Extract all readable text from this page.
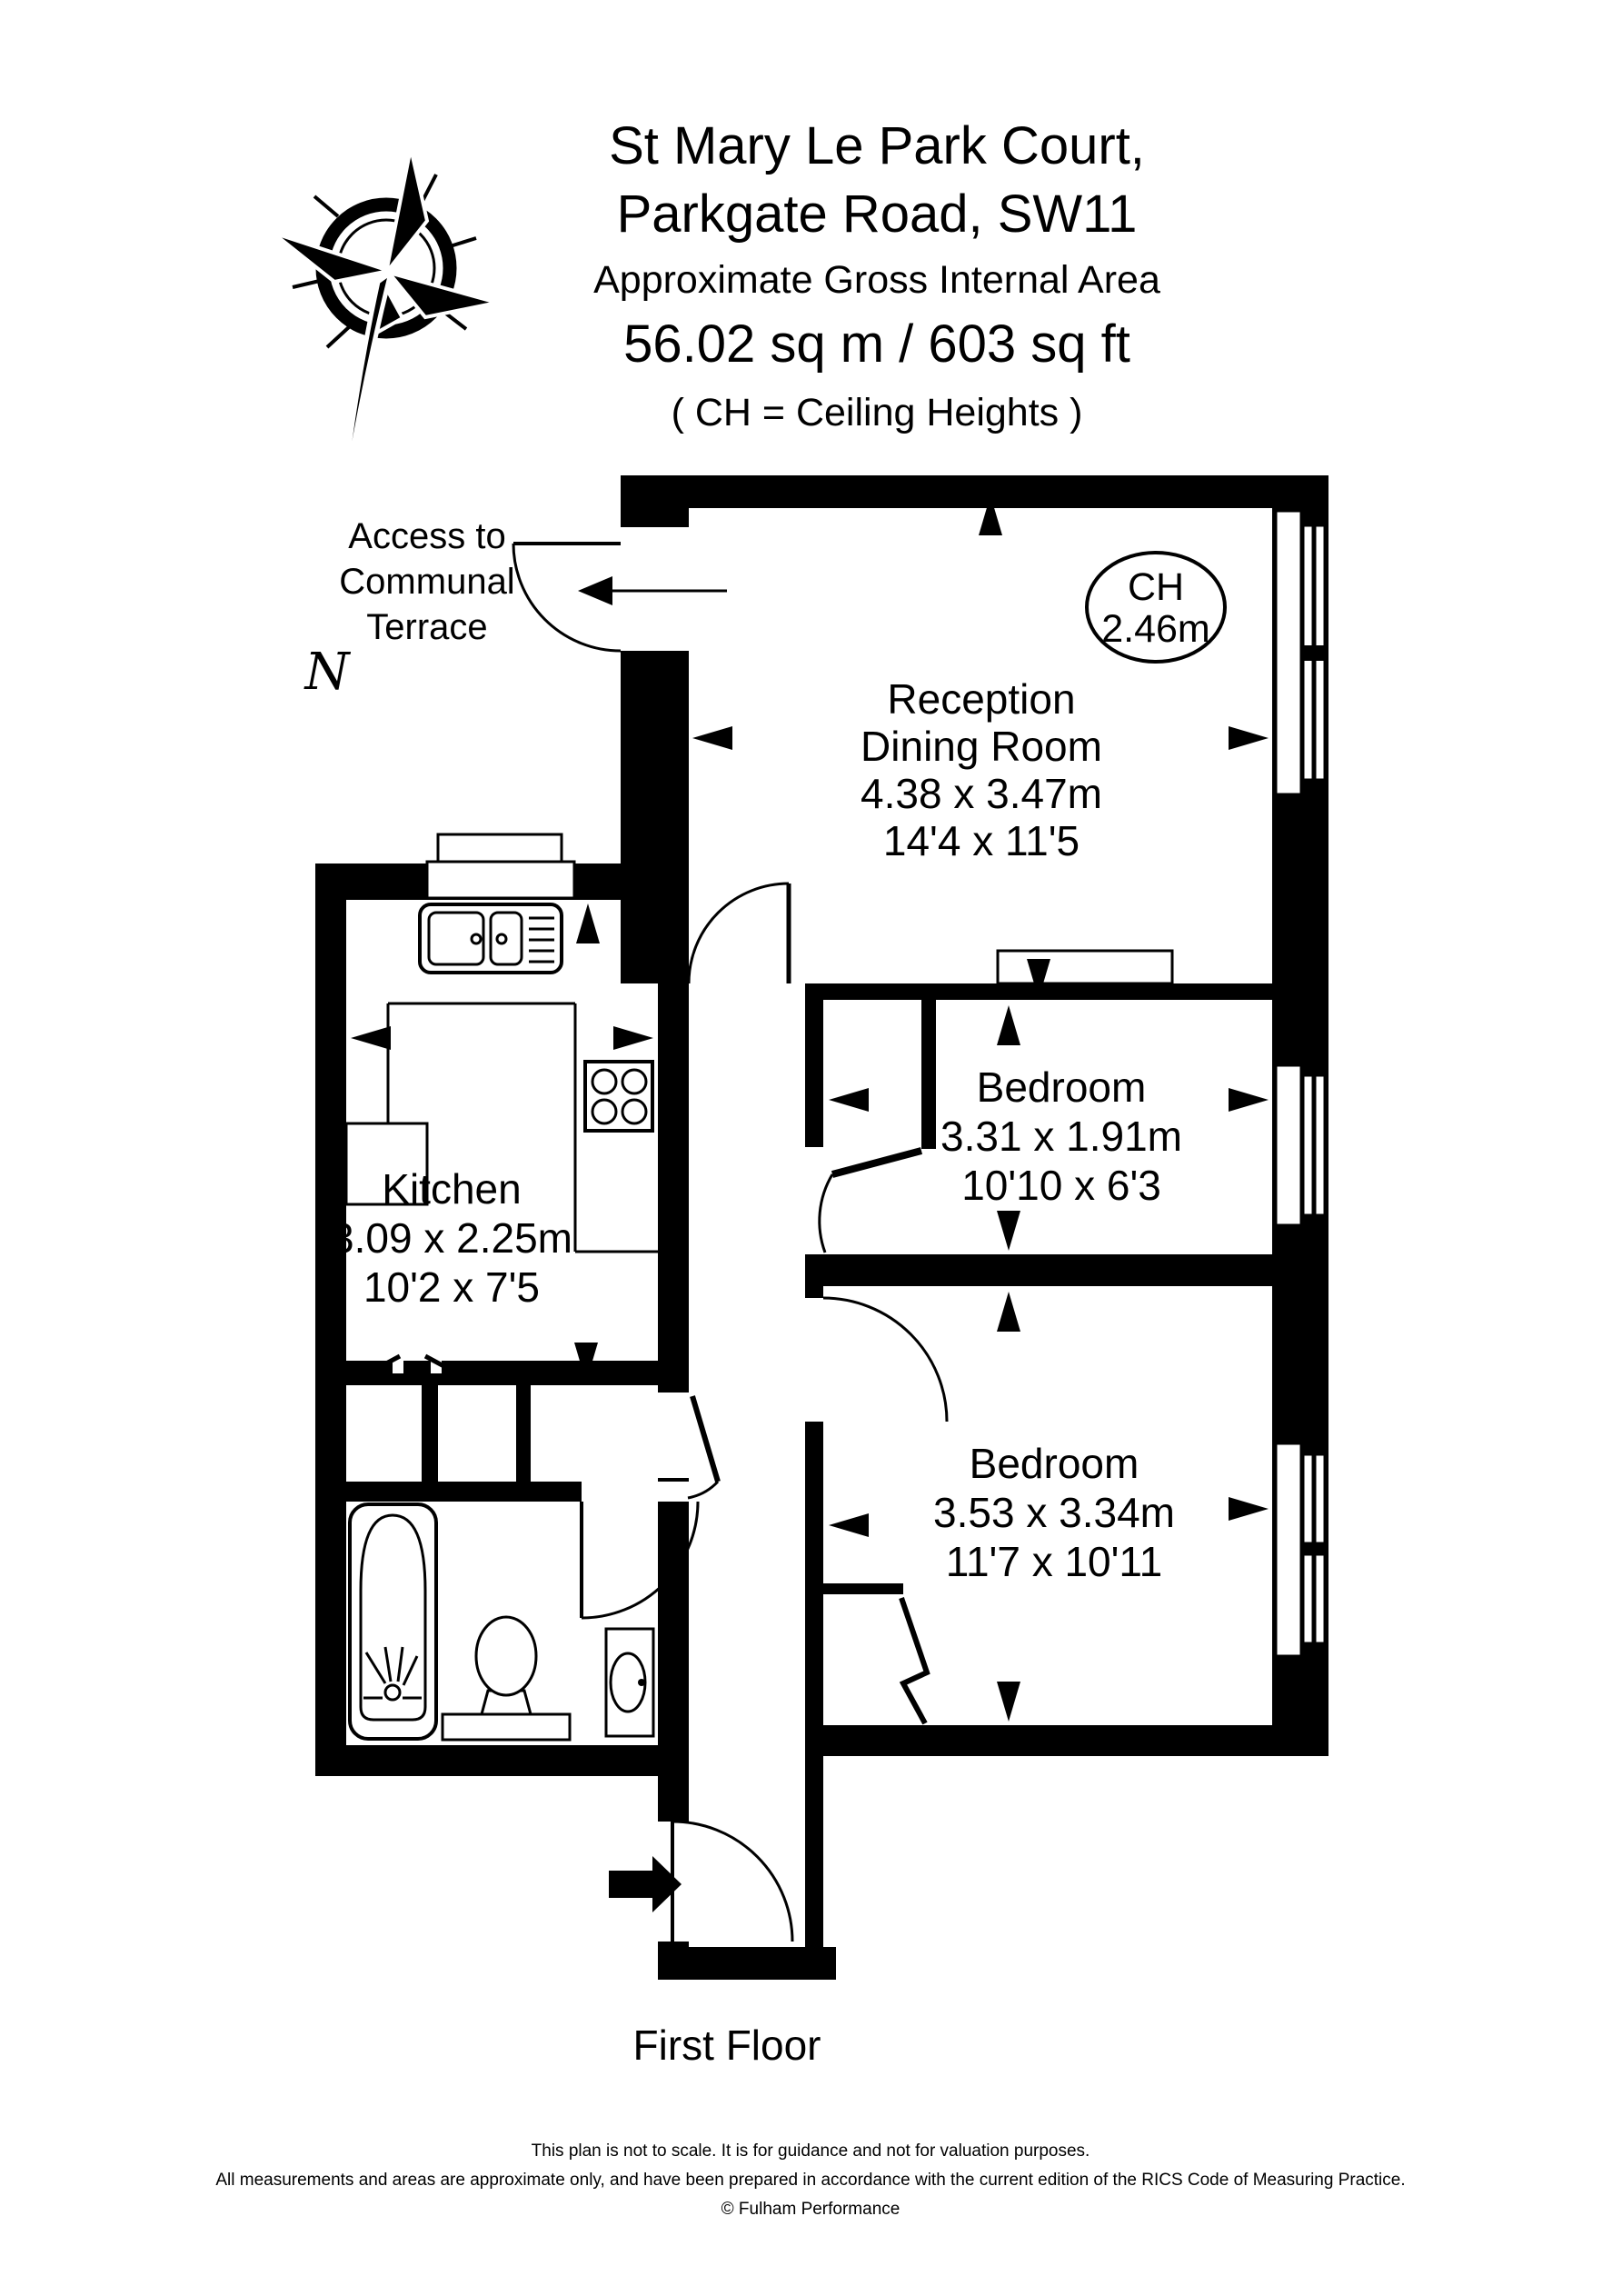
St Mary Le Park Court,
Parkgate Road, SW11
Approximate Gross Internal Area
56.02 sq m / 603 sq ft
( CH = Ceiling Heights )
N
CH
2.46m
Access to
Communal
Terrace
Reception
Dining Room
4.38 x 3.47m
14'4 x 11'5
Bedroom
3.31 x 1.91m
10'10 x 6'3
Bedroom
3.53 x 3.34m
11'7 x 10'11
Kitchen
3.09 x 2.25m
10'2 x 7'5
First Floor
This plan is not to scale. It is for guidance and not for valuation purposes.
All measurements and areas are approximate only, and have been prepared in accordance with the current edition of the RICS Code of Measuring Practice.
© Fulham Performance
